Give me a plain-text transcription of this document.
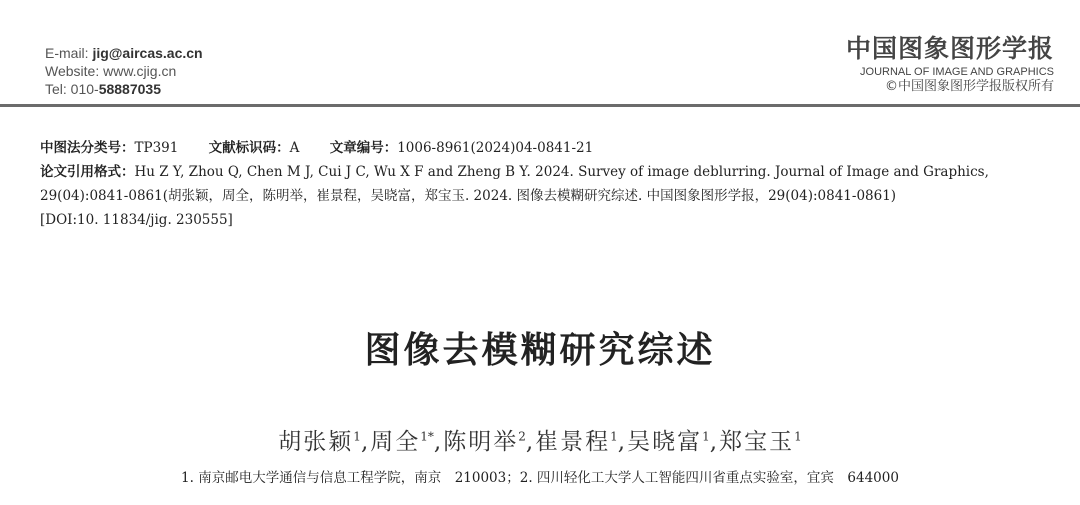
E-mail: jig@aircas.ac.cn
Website: www.cjig.cn
Tel: 010-58887035
中国图象图形学报
JOURNAL OF IMAGE AND GRAPHICS
©中国图象图形学报版权所有
中图法分类号：TP391 文献标识码：A 文章编号：1006-8961(2024)04-0841-21
论文引用格式：Hu Z Y, Zhou Q, Chen M J, Cui J C, Wu X F and Zheng B Y. 2024. Survey of image deblurring. Journal of Image and Graphics,
29(04):0841-0861(胡张颖，周全，陈明举，崔景程，吴晓富，郑宝玉. 2024. 图像去模糊研究综述. 中国图象图形学报，29(04):0841-0861)
[DOI:10. 11834/jig. 230555]
图像去模糊研究综述
胡张颖$^1$,周全$^{1*}$,陈明举$^2$,崔景程$^1$,吴晓富$^1$,郑宝玉$^1$
1. 南京邮电大学通信与信息工程学院，南京　210003；2. 四川轻化工大学人工智能四川省重点实验室，宜宾　644000
